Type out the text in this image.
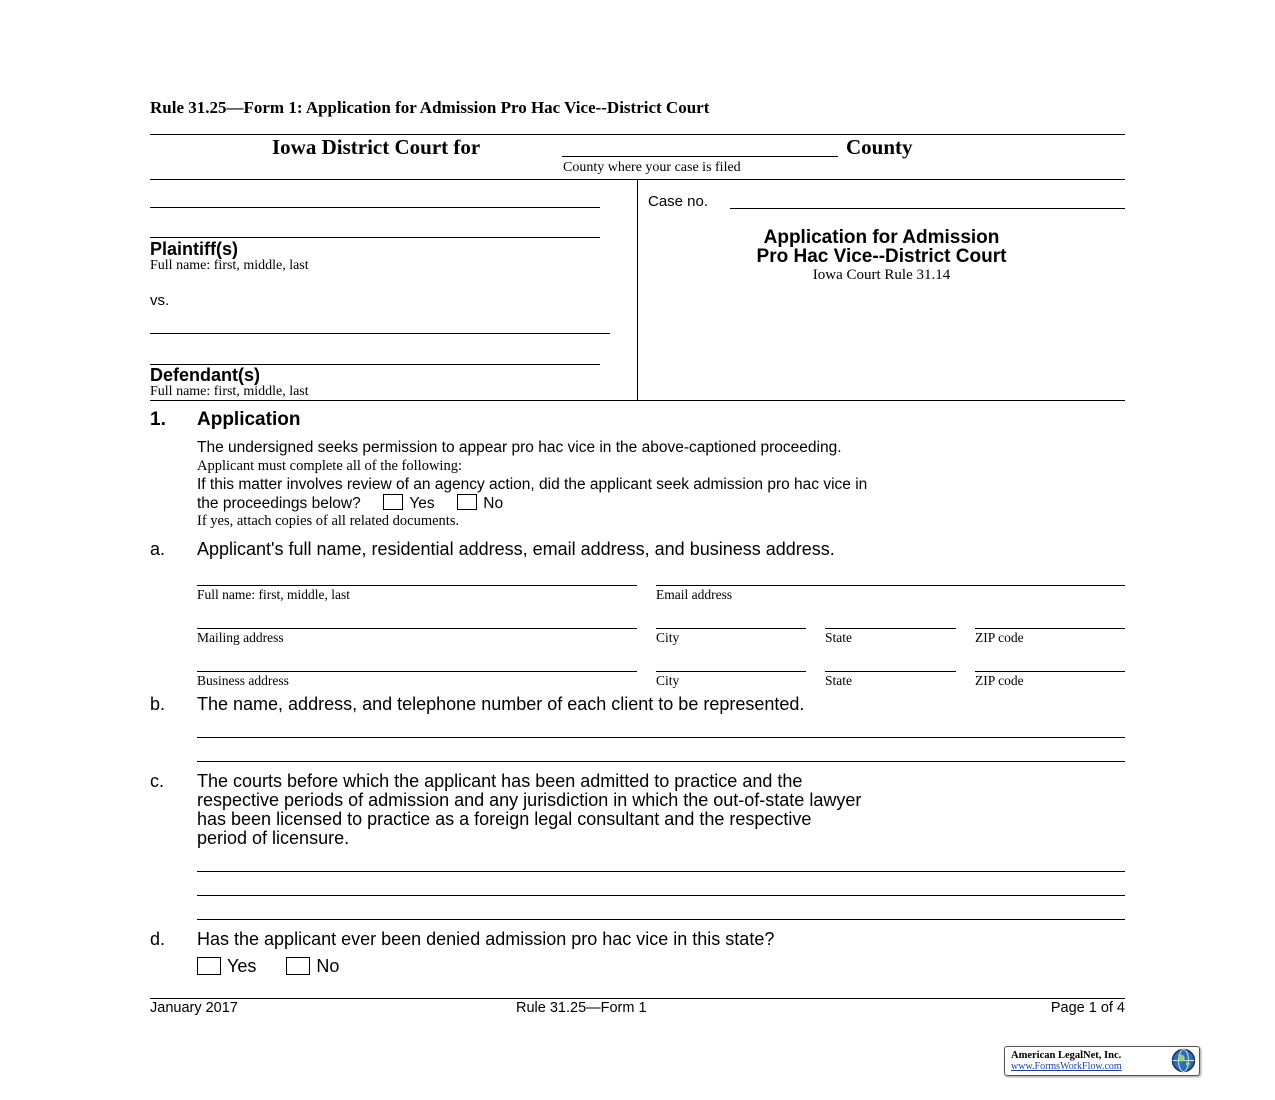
Rule 31.25—Form 1: Application for Admission Pro Hac Vice--District Court
Iowa District Court for	County
County where your case is filed
Plaintiff(s)
Full name: first, middle, last
vs.
Defendant(s)
Full name: first, middle, last
Case no.
Application for Admission
Pro Hac Vice--District Court
Iowa Court Rule 31.14
1. Application
The undersigned seeks permission to appear pro hac vice in the above-captioned proceeding.
Applicant must complete all of the following:
If this matter involves review of an agency action, did the applicant seek admission pro hac vice in
the proceedings below?	Yes	No
If yes, attach copies of all related documents.
a. Applicant's full name, residential address, email address, and business address.
Full name: first, middle, last	Email address
Mailing address	City	State	ZIP code
Business address	City	State	ZIP code
b. The name, address, and telephone number of each client to be represented.
c. The courts before which the applicant has been admitted to practice and the
respective periods of admission and any jurisdiction in which the out-of-state lawyer
has been licensed to practice as a foreign legal consultant and the respective
period of licensure.
d. Has the applicant ever been denied admission pro hac vice in this state?
Yes	No
January 2017	Rule 31.25—Form 1	Page 1 of 4
American LegalNet, Inc.
www.FormsWorkFlow.com
